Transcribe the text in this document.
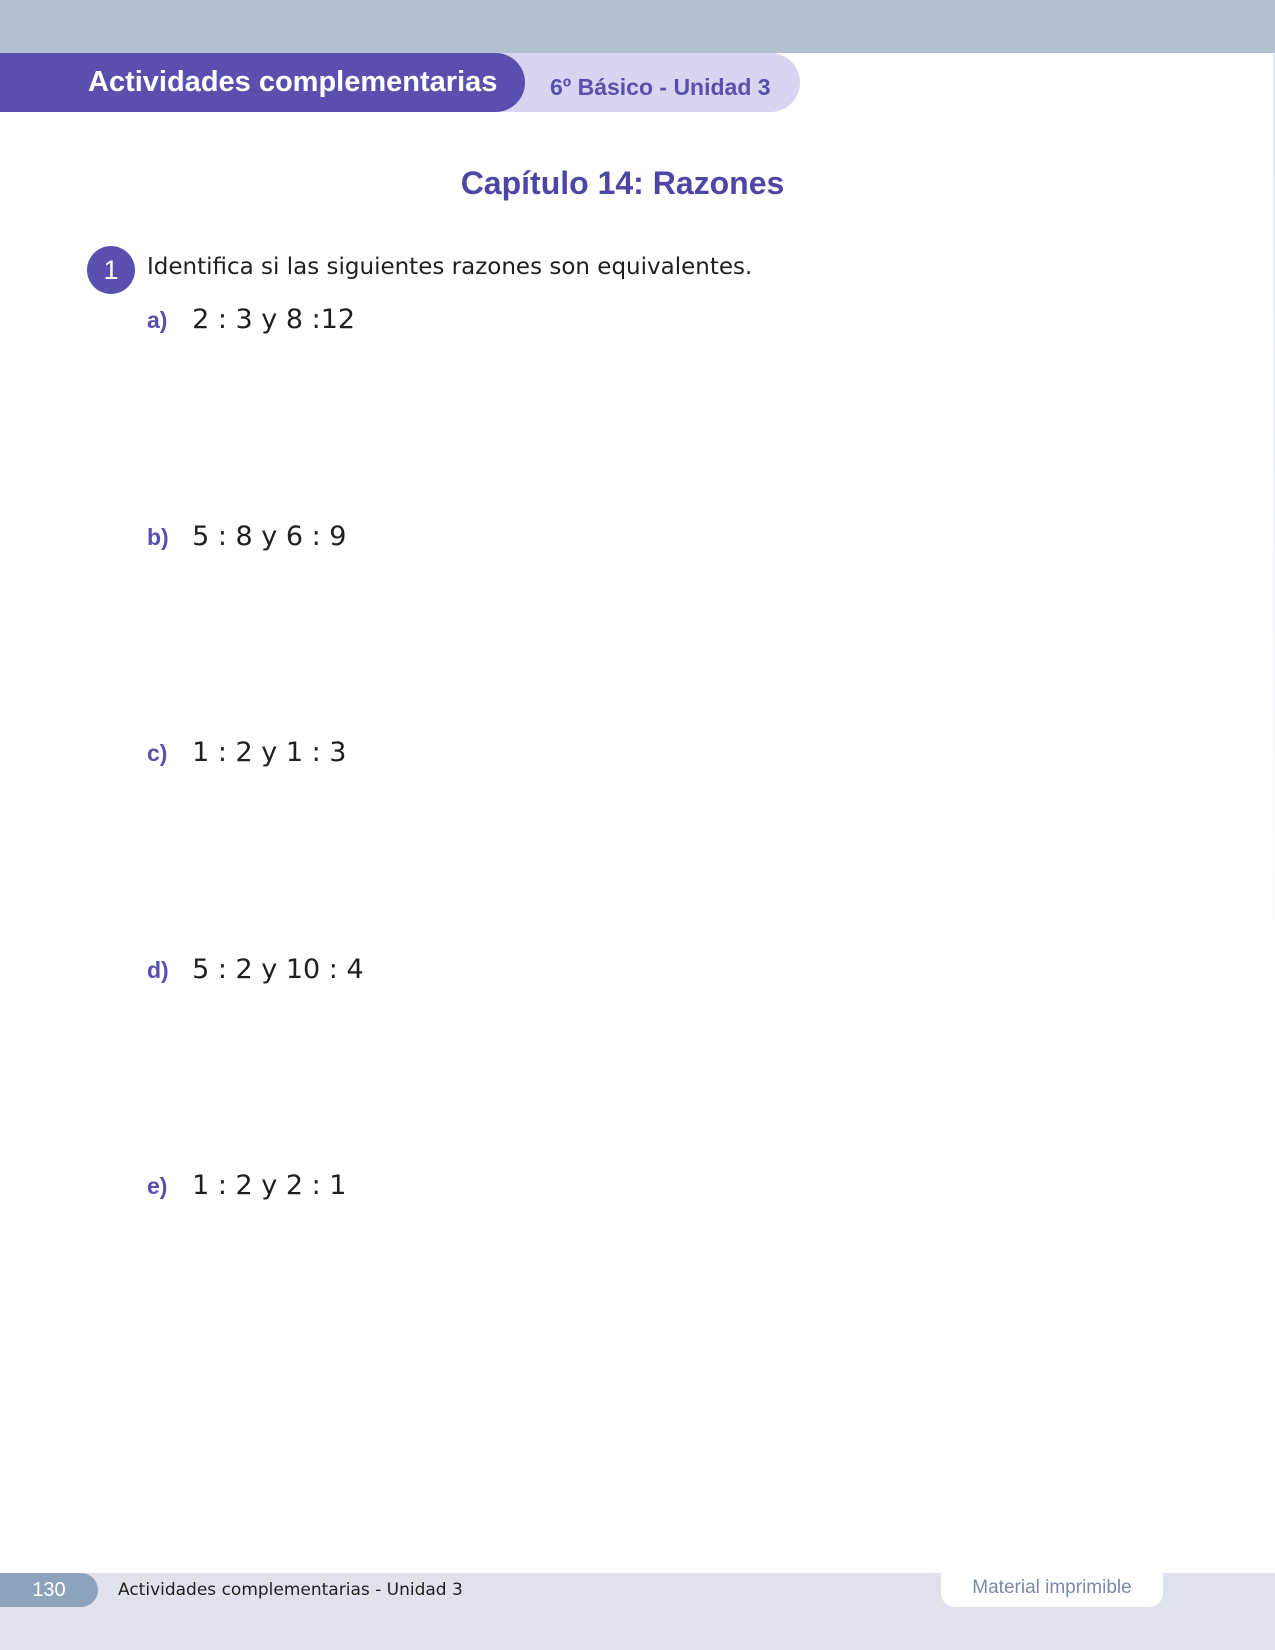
Actividades complementarias 6º Básico - Unidad 3
Capítulo 14: Razones
1	Identifica si las siguientes razones son equivalentes.
a) 2 : 3 y 8 :12
b) 5 : 8 y 6 : 9
c) 1 : 2 y 1 : 3
d) 5 : 2 y 10 : 4
e) 1 : 2 y 2 : 1
130	Actividades complementarias - Unidad 3	Material imprimible
